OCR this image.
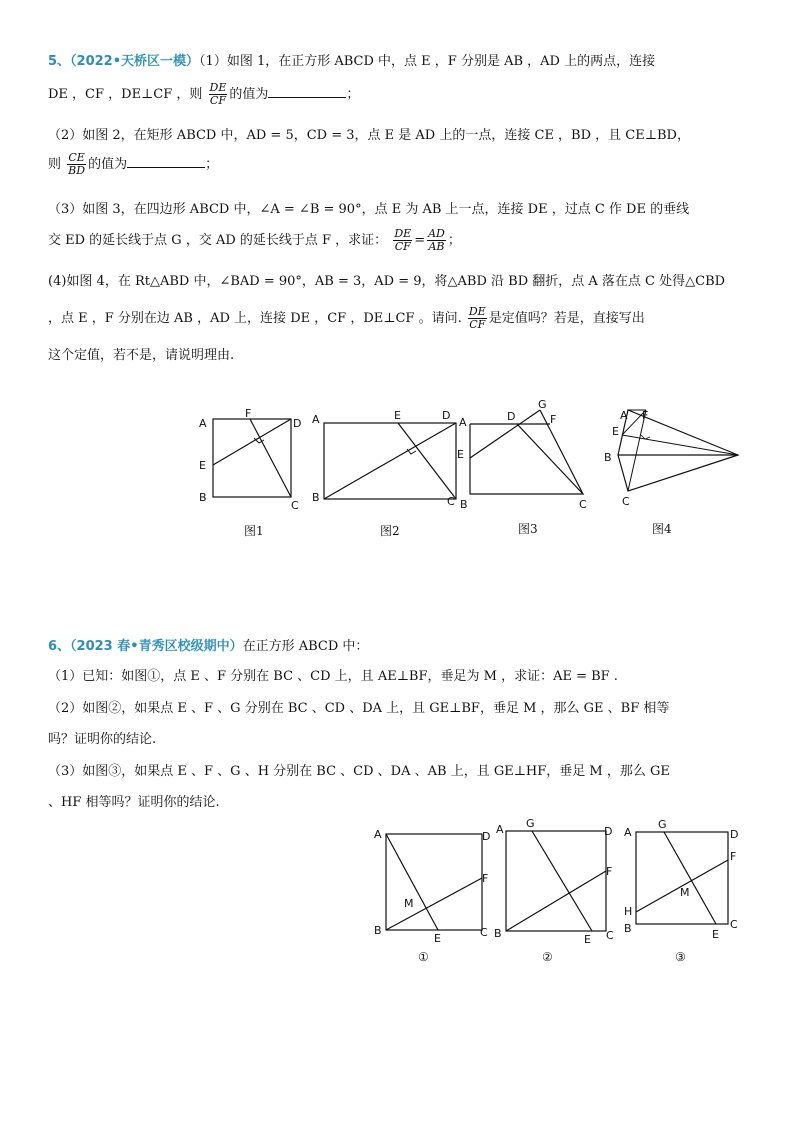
5、（2022•天桥区一模）（1）如图 1，在正方形 ABCD 中，点 E ，F 分别是 AB ，AD 上的两点，连接
DE ，CF ，DE⊥CF ，则 $\frac{DE}{CF}$ 的值为	；
（2）如图 2，在矩形 ABCD 中，AD = 5，CD = 3，点 E 是 AD 上的一点，连接 CE ，BD ，且 CE⊥BD，
则 $\frac{CE}{BD}$ 的值为	；
（3）如图 3，在四边形 ABCD 中，∠A = ∠B = 90°，点 E 为 AB 上一点，连接 DE ，过点 C 作 DE 的垂线
交 ED 的延长线于点 G ，交 AD 的延长线于点 F ，求证： $\frac{DE}{CF} = \frac{AD}{AB}$ ；
(4)如图 4，在 Rt△ABD 中，∠BAD = 90°，AB = 3，AD = 9，将△ABD 沿 BD 翻折，点 A 落在点 C 处得△CBD
，点 E ，F 分别在边 AB ，AD 上，连接 DE ，CF ，DE⊥CF 。请问. $\frac{DE}{CF}$ 是定值吗？若是，直接写出
这个定值，若不是，请说明理由.
A
F
D
E
B
C
A	E	D
B	C
A	D
G
F
E
B	C
A F
E
B
C
图1	图2	图3	图4
6、（2023 春•青秀区校级期中）在正方形 ABCD 中：
（1）已知：如图①，点 E 、F 分别在 BC 、CD 上，且 AE⊥BF，垂足为 M ，求证：AE = BF .
（2）如图②，如果点 E 、F 、G 分别在 BC 、CD 、DA 上，且 GE⊥BF，垂足 M ，那么 GE 、BF 相等
吗？证明你的结论.
（3）如图③，如果点 E 、F 、G 、H 分别在 BC 、CD 、DA 、AB 上，且 GE⊥HF，垂足 M ，那么 GE
、HF 相等吗？证明你的结论.
A	D
F
M
B	C
E
A G
D
F
B	C
E
A
G
D
F
M
H
B	C
E
①	②	③
